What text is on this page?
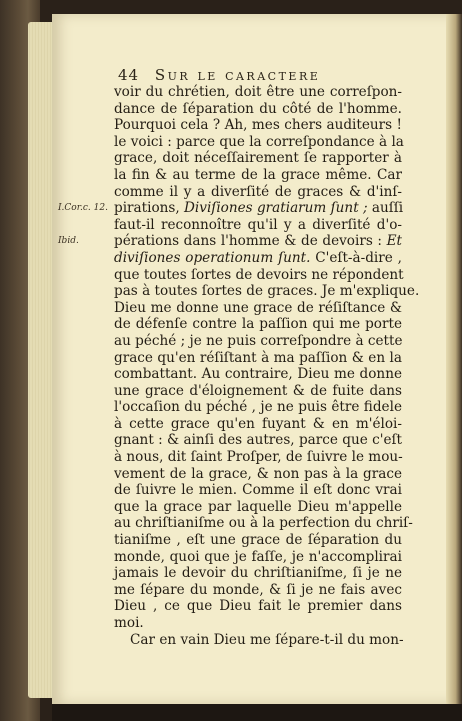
44 Sur le caractere
voir du chrétien, doit être une correſpon-
dance de ſéparation du côté de l'homme.
Pourquoi cela ? Ah, mes chers auditeurs !
le voici : parce que la correſpondance à la
grace, doit néceſſairement ſe rapporter à
la fin & au terme de la grace même. Car
comme il y a diverſité de graces & d'inſ-
pirations, Diviſiones gratiarum ſunt ; auſſi
faut-il reconnoître qu'il y a diverſité d'o-
pérations dans l'homme & de devoirs : Et
diviſiones operationum ſunt. C'eſt-à-dire ,
que toutes ſortes de devoirs ne répondent
pas à toutes ſortes de graces. Je m'explique.
Dieu me donne une grace de réſiſtance &
de défenſe contre la paſſion qui me porte
au péché ; je ne puis correſpondre à cette
grace qu'en réſiſtant à ma paſſion & en la
combattant. Au contraire, Dieu me donne
une grace d'éloignement & de fuite dans
l'occaſion du péché , je ne puis être fidele
à cette grace qu'en fuyant & en m'éloi-
gnant : & ainſi des autres, parce que c'eſt
à nous, dit ſaint Proſper, de ſuivre le mou-
vement de la grace, & non pas à la grace
de ſuivre le mien. Comme il eſt donc vrai
que la grace par laquelle Dieu m'appelle
au chriſtianiſme ou à la perfection du chriſ-
tianiſme , eſt une grace de ſéparation du
monde, quoi que je faſſe, je n'accomplirai
jamais le devoir du chriſtianiſme, ſi je ne
me ſépare du monde, & ſi je ne fais avec
Dieu , ce que Dieu fait le premier dans
moi.
Car en vain Dieu me ſépare-t-il du mon-
I.Cor.c. 12.
Ibid.
